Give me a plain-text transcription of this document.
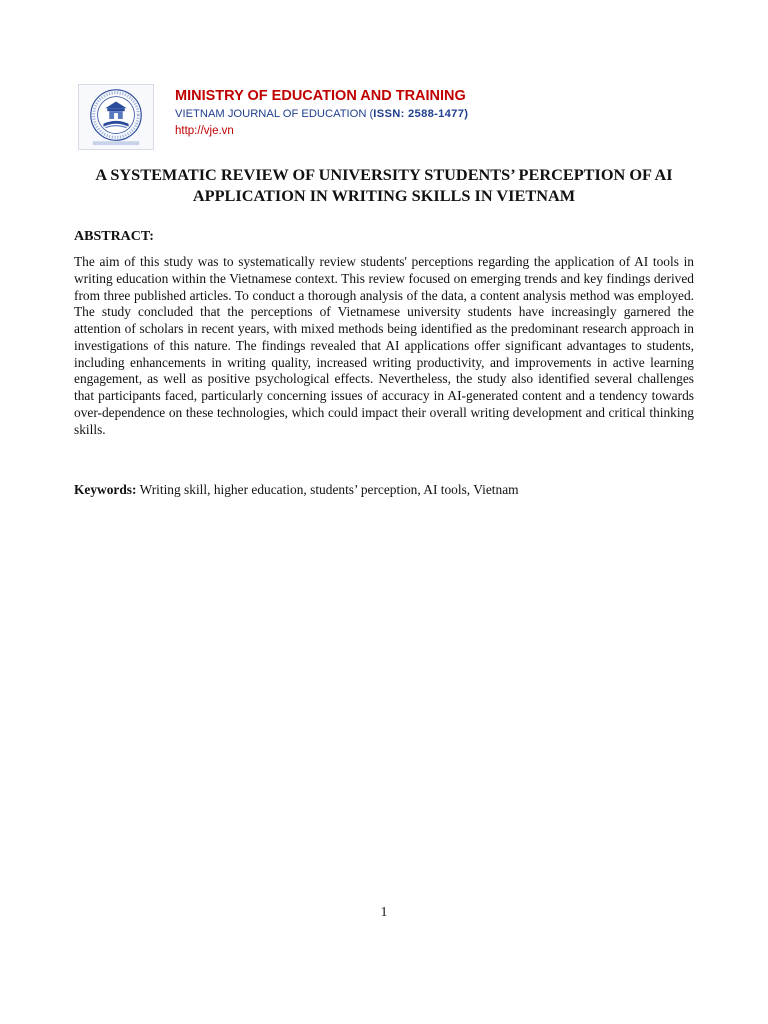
MINISTRY OF EDUCATION AND TRAINING
VIETNAM JOURNAL OF EDUCATION (ISSN: 2588-1477)
http://vje.vn
A SYSTEMATIC REVIEW OF UNIVERSITY STUDENTS’ PERCEPTION OF AI APPLICATION IN WRITING SKILLS IN VIETNAM
ABSTRACT:

The aim of this study was to systematically review students' perceptions regarding the application of AI tools in writing education within the Vietnamese context. This review focused on emerging trends and key findings derived from three published articles. To conduct a thorough analysis of the data, a content analysis method was employed. The study concluded that the perceptions of Vietnamese university students have increasingly garnered the attention of scholars in recent years, with mixed methods being identified as the predominant research approach in investigations of this nature. The findings revealed that AI applications offer significant advantages to students, including enhancements in writing quality, increased writing productivity, and improvements in active learning engagement, as well as positive psychological effects. Nevertheless, the study also identified several challenges that participants faced, particularly concerning issues of accuracy in AI-generated content and a tendency towards over-dependence on these technologies, which could impact their overall writing development and critical thinking skills.

Keywords: Writing skill, higher education, students’ perception, AI tools, Vietnam

1
